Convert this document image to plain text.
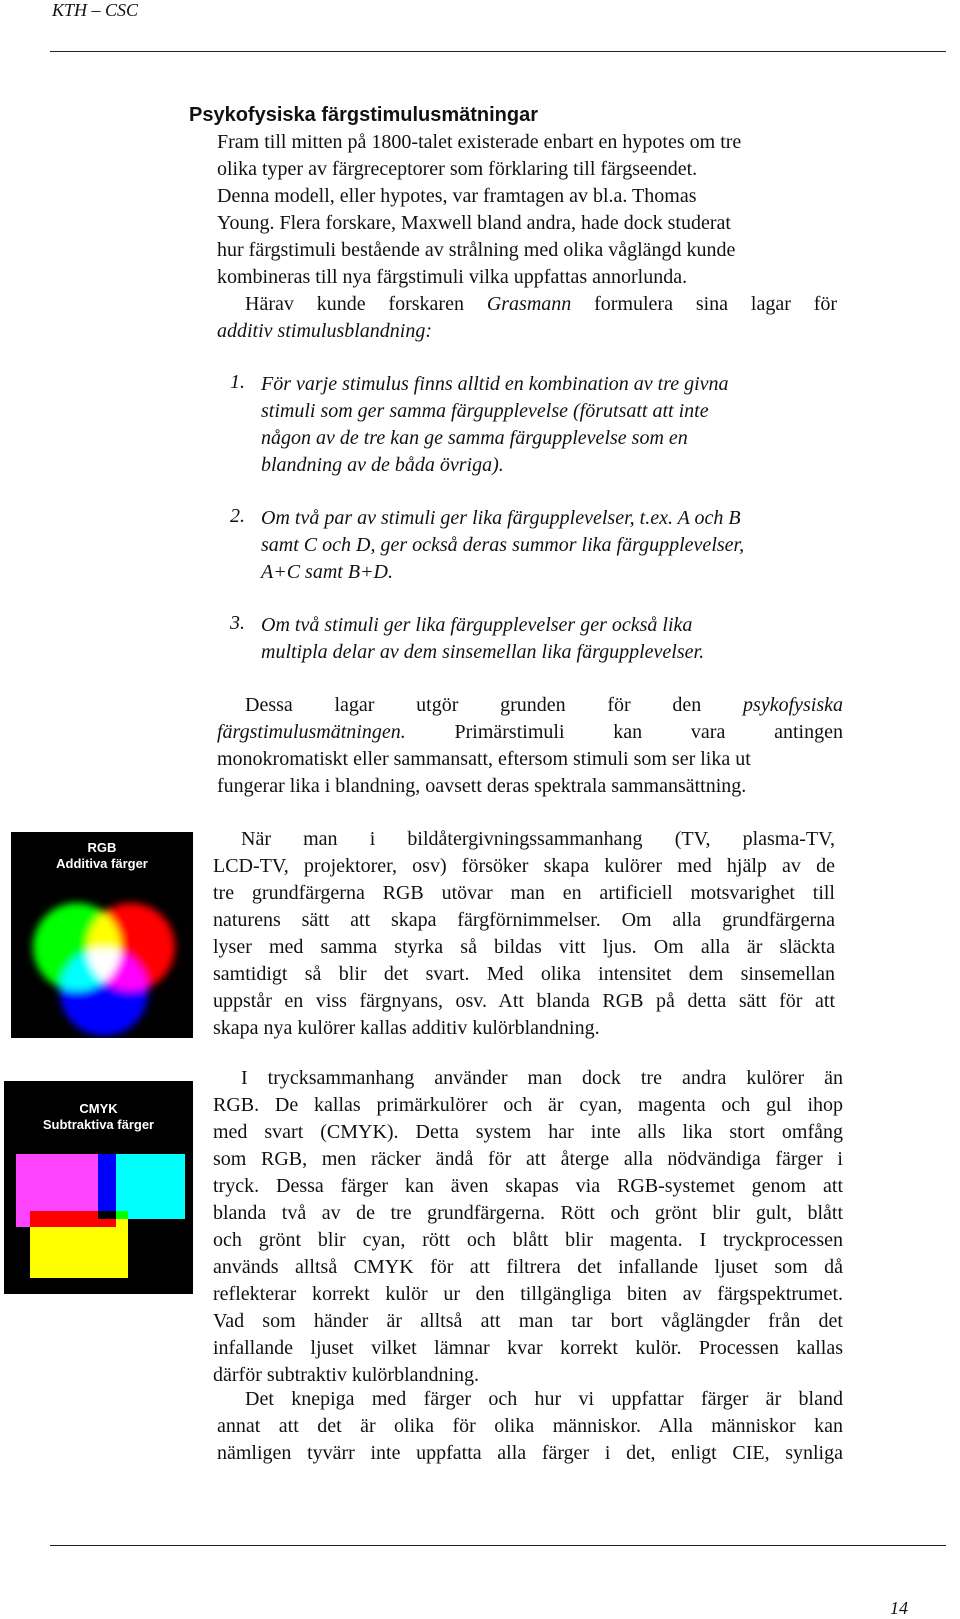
KTH – CSC
Psykofysiska färgstimulusmätningar
Fram till mitten på 1800-talet existerade enbart en hypotes om tre
olika typer av färgreceptorer som förklaring till färgseendet.
Denna modell, eller hypotes, var framtagen av bl.a. Thomas
Young. Flera forskare, Maxwell bland andra, hade dock studerat
hur färgstimuli bestående av strålning med olika våglängd kunde
kombineras till nya färgstimuli vilka uppfattas annorlunda.
Härav kunde forskaren Grasmann formulera sina lagar för
additiv stimulusblandning:
1. För varje stimulus finns alltid en kombination av tre givna
stimuli som ger samma färgupplevelse (förutsatt att inte
någon av de tre kan ge samma färgupplevelse som en
blandning av de båda övriga).
2. Om två par av stimuli ger lika färgupplevelser, t.ex. A och B
samt C och D, ger också deras summor lika färgupplevelser,
A+C samt B+D.
3. Om två stimuli ger lika färgupplevelser ger också lika
multipla delar av dem sinsemellan lika färgupplevelser.
Dessa lagar utgör grunden för den psykofysiska
färgstimulusmätningen. Primärstimuli kan vara antingen
monokromatiskt eller sammansatt, eftersom stimuli som ser lika ut
fungerar lika i blandning, oavsett deras spektrala sammansättning.
RGB
Additiva färger
När man i bildåtergivningssammanhang (TV, plasma-TV,
LCD-TV, projektorer, osv) försöker skapa kulörer med hjälp av de
tre grundfärgerna RGB utövar man en artificiell motsvarighet till
naturens sätt att skapa färgförnimmelser. Om alla grundfärgerna
lyser med samma styrka så bildas vitt ljus. Om alla är släckta
samtidigt så blir det svart. Med olika intensitet dem sinsemellan
uppstår en viss färgnyans, osv. Att blanda RGB på detta sätt för att
skapa nya kulörer kallas additiv kulörblandning.
CMYK
Subtraktiva färger
I trycksammanhang använder man dock tre andra kulörer än
RGB. De kallas primärkulörer och är cyan, magenta och gul ihop
med svart (CMYK). Detta system har inte alls lika stort omfång
som RGB, men räcker ändå för att återge alla nödvändiga färger i
tryck. Dessa färger kan även skapas via RGB-systemet genom att
blanda två av de tre grundfärgerna. Rött och grönt blir gult, blått
och grönt blir cyan, rött och blått blir magenta. I tryckprocessen
används alltså CMYK för att filtrera det infallande ljuset som då
reflekterar korrekt kulör ur den tillgängliga biten av färgspektrumet.
Vad som händer är alltså att man tar bort våglängder från det
infallande ljuset vilket lämnar kvar korrekt kulör. Processen kallas
därför subtraktiv kulörblandning.
Det knepiga med färger och hur vi uppfattar färger är bland
annat att det är olika för olika människor. Alla människor kan
nämligen tyvärr inte uppfatta alla färger i det, enligt CIE, synliga
14
